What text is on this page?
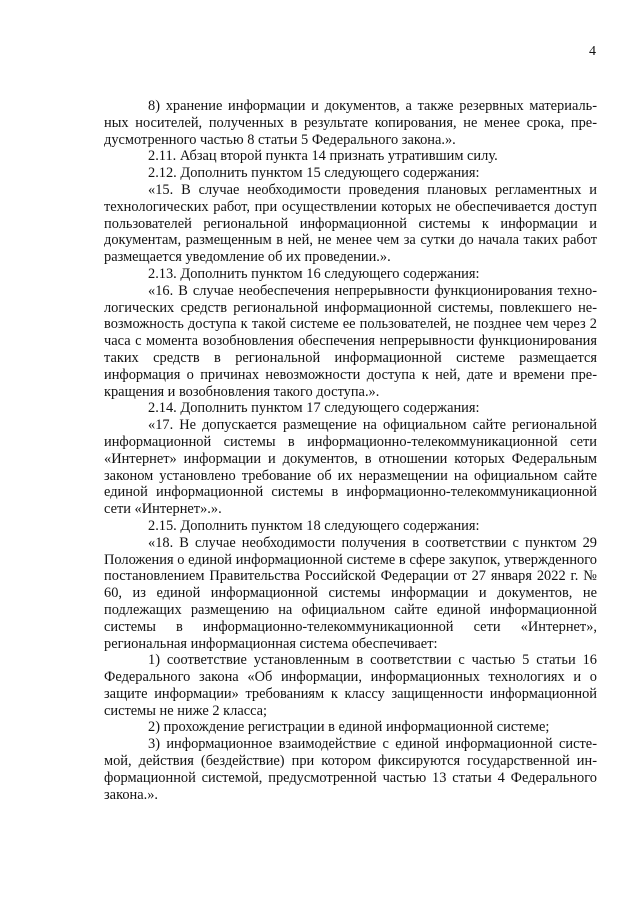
4

8) хранение информации и документов, а также резервных материальных носителей, полученных в результате копирования, не менее срока, предусмотренного частью 8 статьи 5 Федерального закона.».

2.11. Абзац второй пункта 14 признать утратившим силу.

2.12. Дополнить пунктом 15 следующего содержания:

«15. В случае необходимости проведения плановых регламентных и технологических работ, при осуществлении которых не обеспечивается доступ пользователей региональной информационной системы к информации и документам, размещенным в ней, не менее чем за сутки до начала таких работ размещается уведомление об их проведении.».

2.13. Дополнить пунктом 16 следующего содержания:

«16. В случае необеспечения непрерывности функционирования технологических средств региональной информационной системы, повлекшего невозможность доступа к такой системе ее пользователей, не позднее чем через 2 часа с момента возобновления обеспечения непрерывности функционирования таких средств в региональной информационной системе размещается информация о причинах невозможности доступа к ней, дате и времени прекращения и возобновления такого доступа.».

2.14. Дополнить пунктом 17 следующего содержания:

«17. Не допускается размещение на официальном сайте региональной информационной системы в информационно-телекоммуникационной сети «Интернет» информации и документов, в отношении которых Федеральным законом установлено требование об их неразмещении на официальном сайте единой информационной системы в информационно-телекоммуникационной сети «Интернет».».

2.15. Дополнить пунктом 18 следующего содержания:

«18. В случае необходимости получения в соответствии с пунктом 29 Положения о единой информационной системе в сфере закупок, утвержденного постановлением Правительства Российской Федерации от 27 января 2022 г. № 60, из единой информационной системы информации и документов, не подлежащих размещению на официальном сайте единой информационной системы в информационно-телекоммуникационной сети «Интернет», региональная информационная система обеспечивает:

1) соответствие установленным в соответствии с частью 5 статьи 16 Федерального закона «Об информации, информационных технологиях и о защите информации» требованиям к классу защищенности информационной системы не ниже 2 класса;

2) прохождение регистрации в единой информационной системе;

3) информационное взаимодействие с единой информационной системой, действия (бездействие) при котором фиксируются государственной информационной системой, предусмотренной частью 13 статьи 4 Федерального закона.».
